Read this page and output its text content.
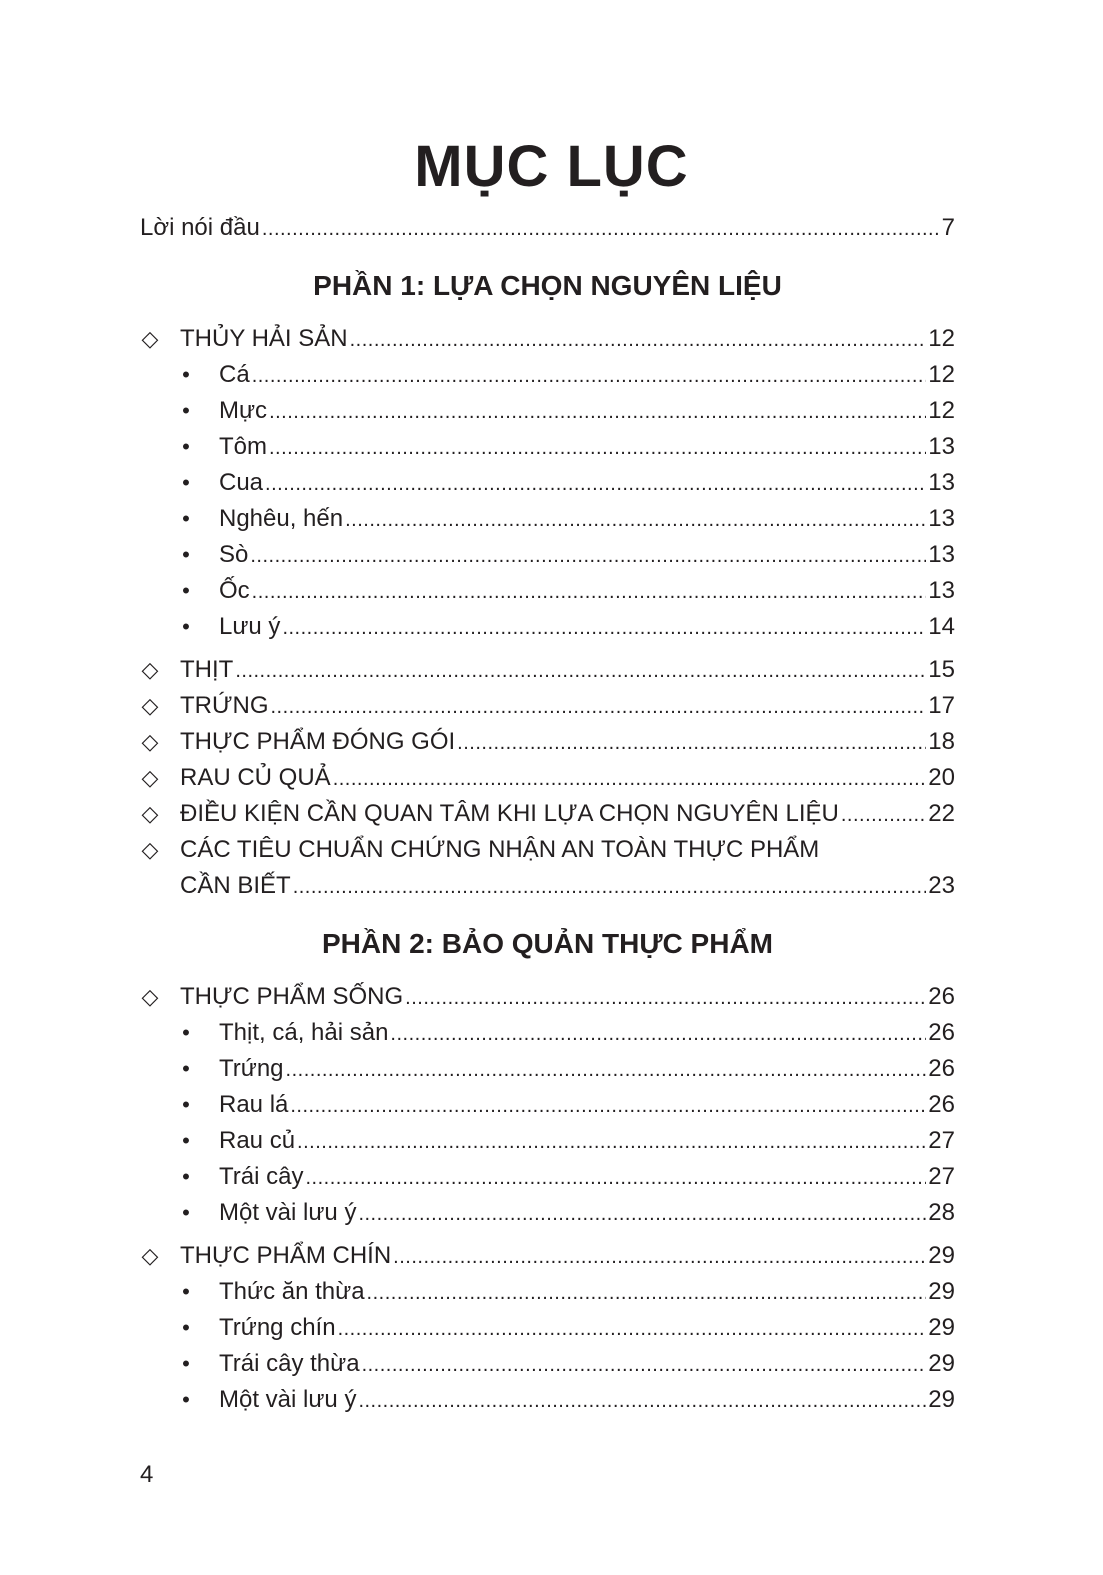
MỤC LỤC
Lời nói đầu .....	7
PHẦN 1: LỰA CHỌN NGUYÊN LIỆU
◇ THỦY HẢI SẢN .....	12
•	Cá .....	12
•	Mực .....	12
•	Tôm .....	13
•	Cua .....	13
•	Nghêu, hến .....	13
•	Sò .....	13
•	Ốc .....	13
•	Lưu ý .....	14
◇ THỊT .....	15
◇ TRỨNG .....	17
◇ THỰC PHẨM ĐÓNG GÓI .....	18
◇ RAU CỦ QUẢ .....	20
◇ ĐIỀU KIỆN CẦN QUAN TÂM KHI LỰA CHỌN NGUYÊN LIỆU .....	22
◇ CÁC TIÊU CHUẨN CHỨNG NHẬN AN TOÀN THỰC PHẨM
CẦN BIẾT .....	23
PHẦN 2: BẢO QUẢN THỰC PHẨM
◇ THỰC PHẨM SỐNG .....	26
•	Thịt, cá, hải sản .....	26
•	Trứng .....	26
•	Rau lá .....	26
•	Rau củ .....	27
•	Trái cây .....	27
•	Một vài lưu ý .....	28
◇ THỰC PHẨM CHÍN .....	29
•	Thức ăn thừa .....	29
•	Trứng chín .....	29
•	Trái cây thừa .....	29
•	Một vài lưu ý .....	29
4
